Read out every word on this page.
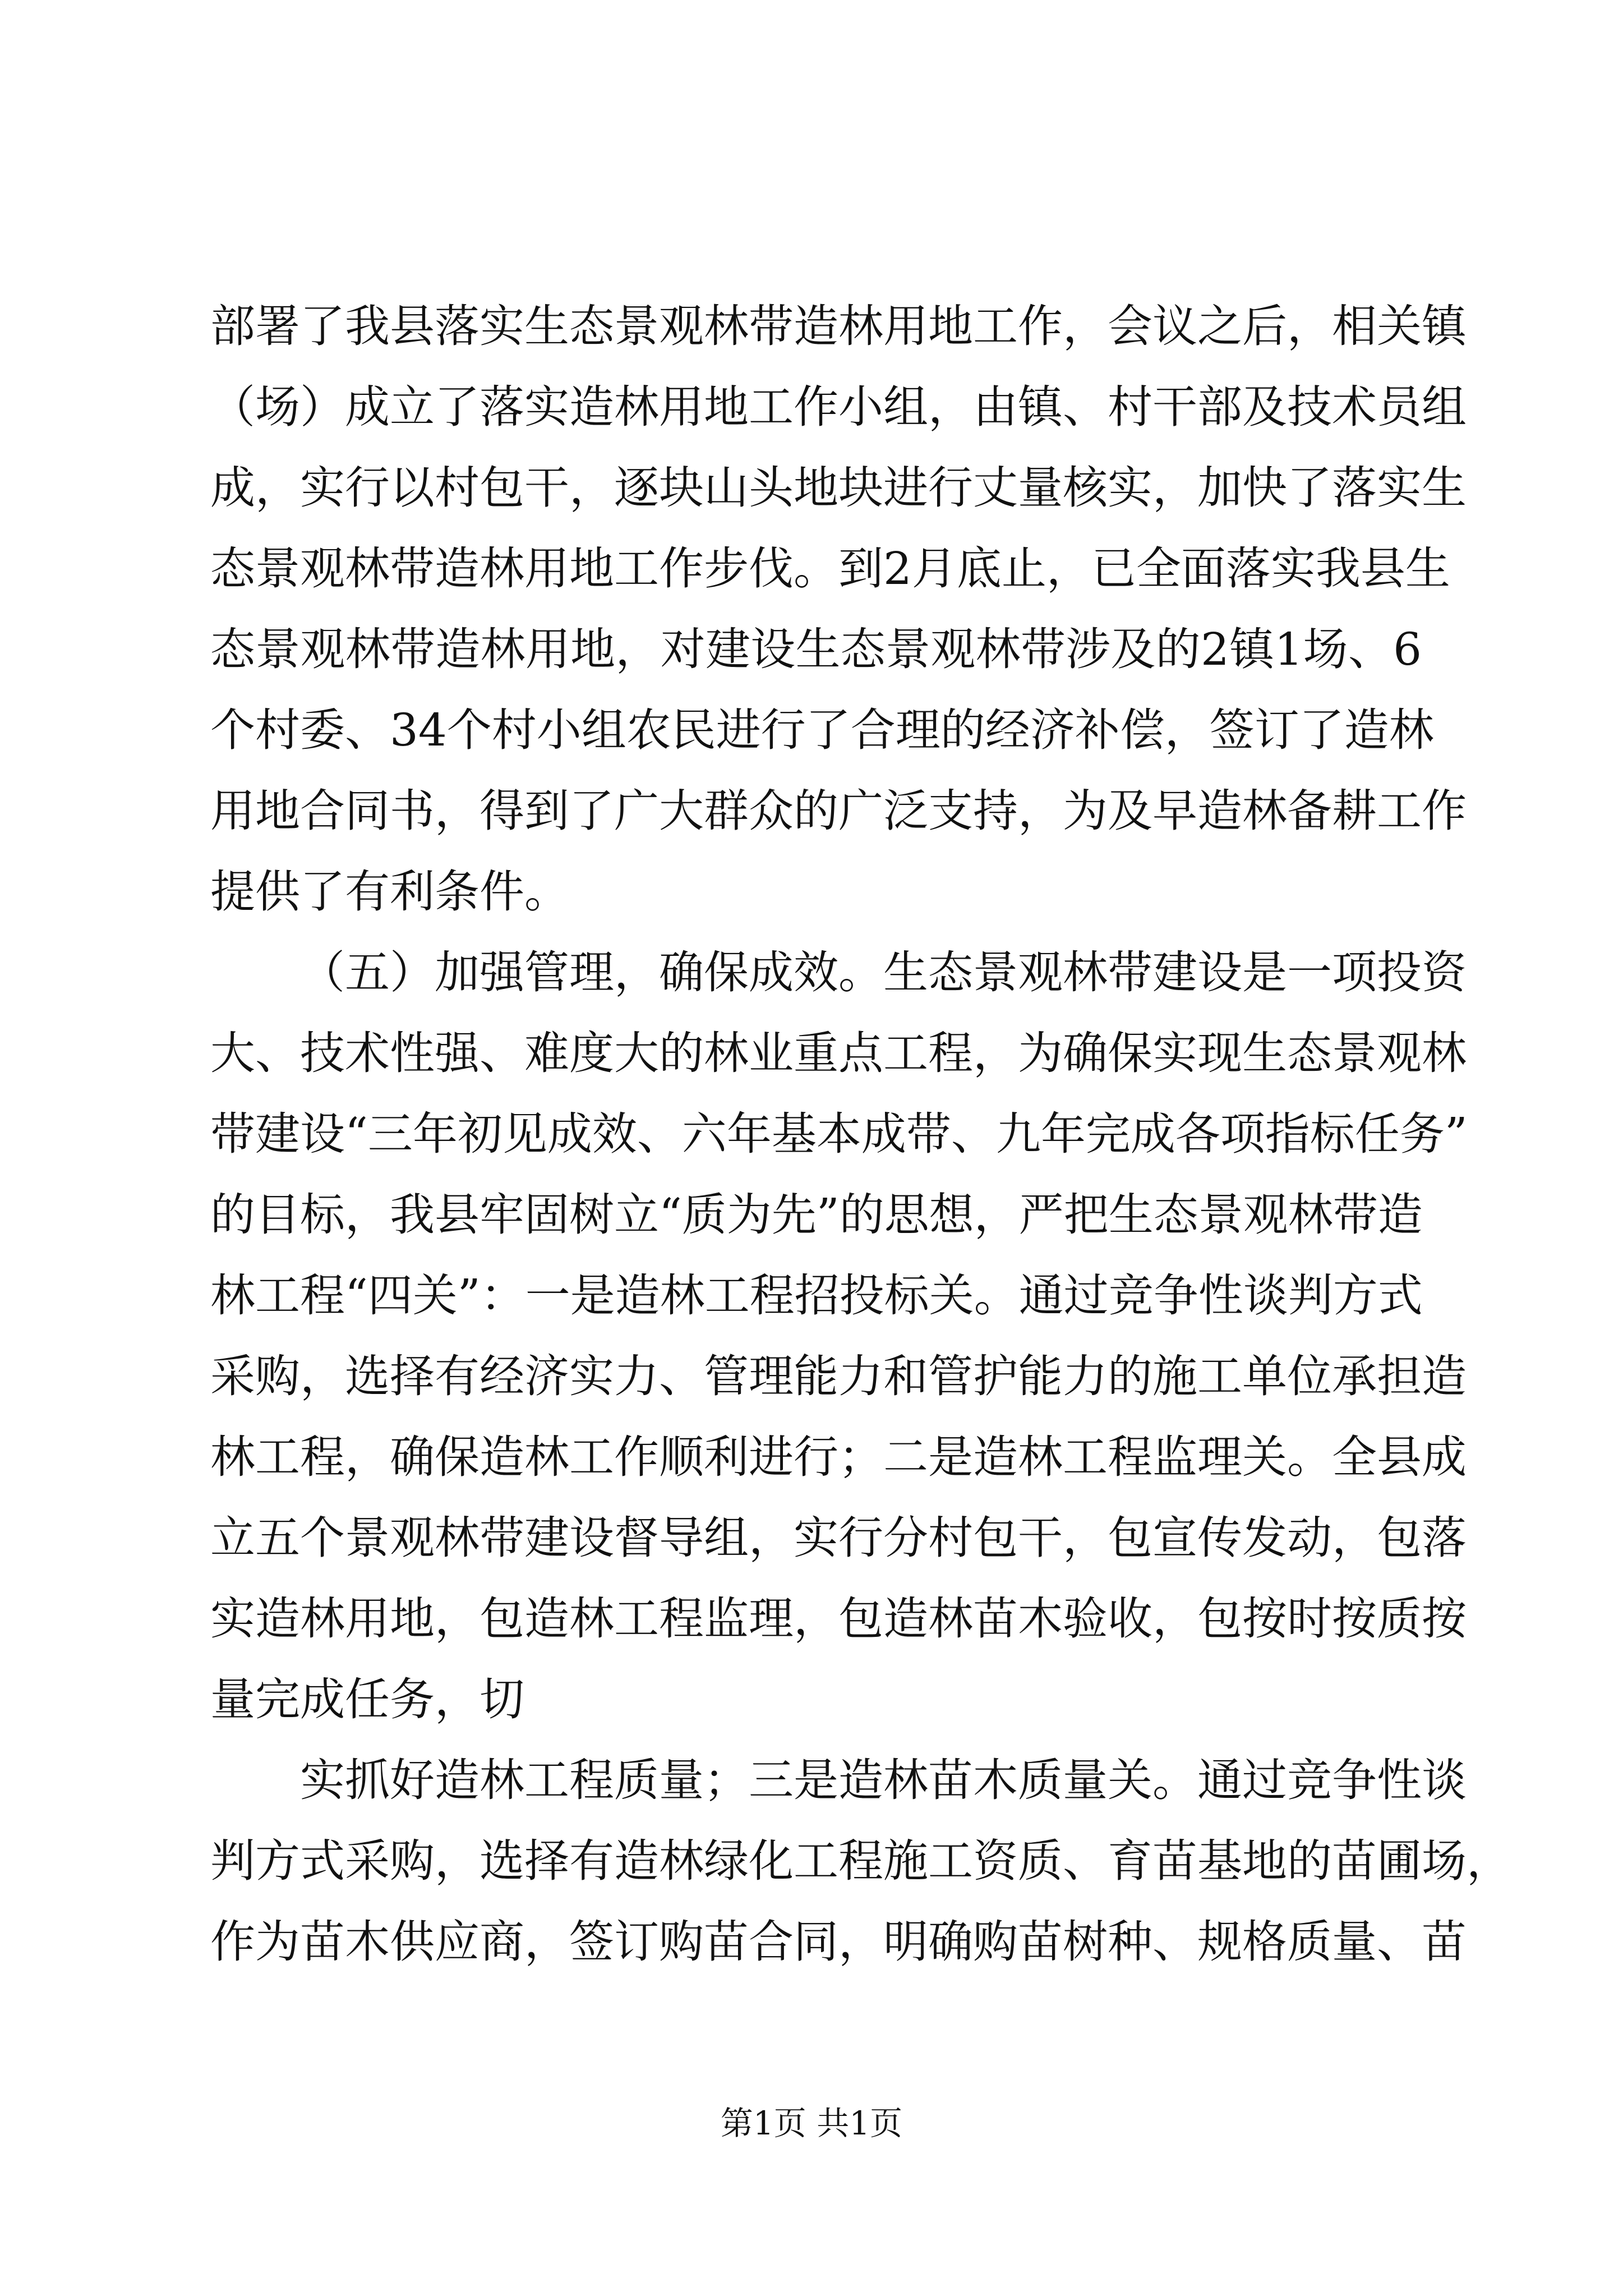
部署了我县落实生态景观林带造林用地工作，会议之后，相关镇
（场）成立了落实造林用地工作小组，由镇、村干部及技术员组
成，实行以村包干，逐块山头地块进行丈量核实，加快了落实生
态景观林带造林用地工作步伐。到2月底止，已全面落实我县生
态景观林带造林用地，对建设生态景观林带涉及的2镇1场、6
个村委、34个村小组农民进行了合理的经济补偿，签订了造林
用地合同书，得到了广大群众的广泛支持，为及早造林备耕工作
提供了有利条件。
（五）加强管理，确保成效。生态景观林带建设是一项投资
大、技术性强、难度大的林业重点工程，为确保实现生态景观林
带建设“三年初见成效、六年基本成带、九年完成各项指标任务”
的目标，我县牢固树立“质为先”的思想，严把生态景观林带造
林工程“四关”：一是造林工程招投标关。通过竞争性谈判方式
采购，选择有经济实力、管理能力和管护能力的施工单位承担造
林工程，确保造林工作顺利进行；二是造林工程监理关。全县成
立五个景观林带建设督导组，实行分村包干，包宣传发动，包落
实造林用地，包造林工程监理，包造林苗木验收，包按时按质按
量完成任务，切
实抓好造林工程质量；三是造林苗木质量关。通过竞争性谈
判方式采购，选择有造林绿化工程施工资质、育苗基地的苗圃场，
作为苗木供应商，签订购苗合同，明确购苗树种、规格质量、苗
第1页 共1页
